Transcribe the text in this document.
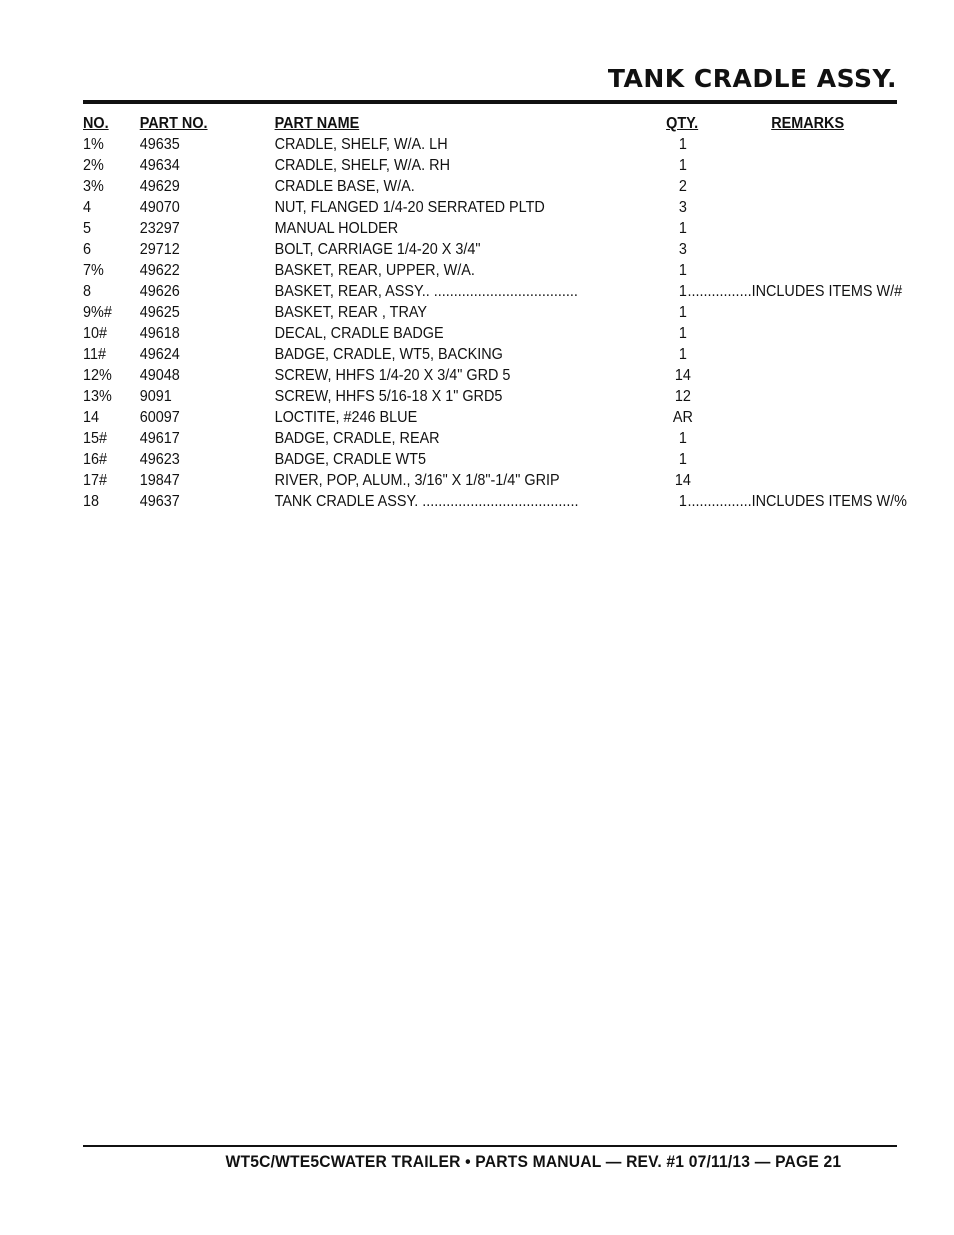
TANK CRADLE ASSY.
NO. PART NO.	PART NAME	QTY.	REMARKS
1% 49635	CRADLE, SHELF, W/A. LH	1
2% 49634	CRADLE, SHELF, W/A. RH	1
3% 49629	CRADLE BASE, W/A.	2
4	49070	NUT, FLANGED 1/4-20 SERRATED PLTD	3
5	23297	MANUAL HOLDER	1
6	29712	BOLT, CARRIAGE 1/4-20 X 3/4"	3
7% 49622	BASKET, REAR, UPPER, W/A.	1
8	49626	BASKET, REAR, ASSY.. ....................................	1 ................INCLUDES ITEMS W/#
9%# 49625	BASKET, REAR , TRAY	1
10# 49618	DECAL, CRADLE BADGE	1
11# 49624	BADGE, CRADLE, WT5, BACKING	1
12% 49048	SCREW, HHFS 1/4-20 X 3/4" GRD 5	14
13% 9091	SCREW, HHFS 5/16-18 X 1" GRD5	12
14	60097	LOCTITE, #246 BLUE	AR
15# 49617	BADGE, CRADLE, REAR	1
16# 49623	BADGE, CRADLE WT5	1
17# 19847	RIVER, POP, ALUM., 3/16" X 1/8"-1/4" GRIP	14
18	49637	TANK CRADLE ASSY. .......................................	1 ................INCLUDES ITEMS W/%
WT5C/WTE5CWATER TRAILER • PARTS MANUAL — REV. #1 07/11/13 — PAGE 21
